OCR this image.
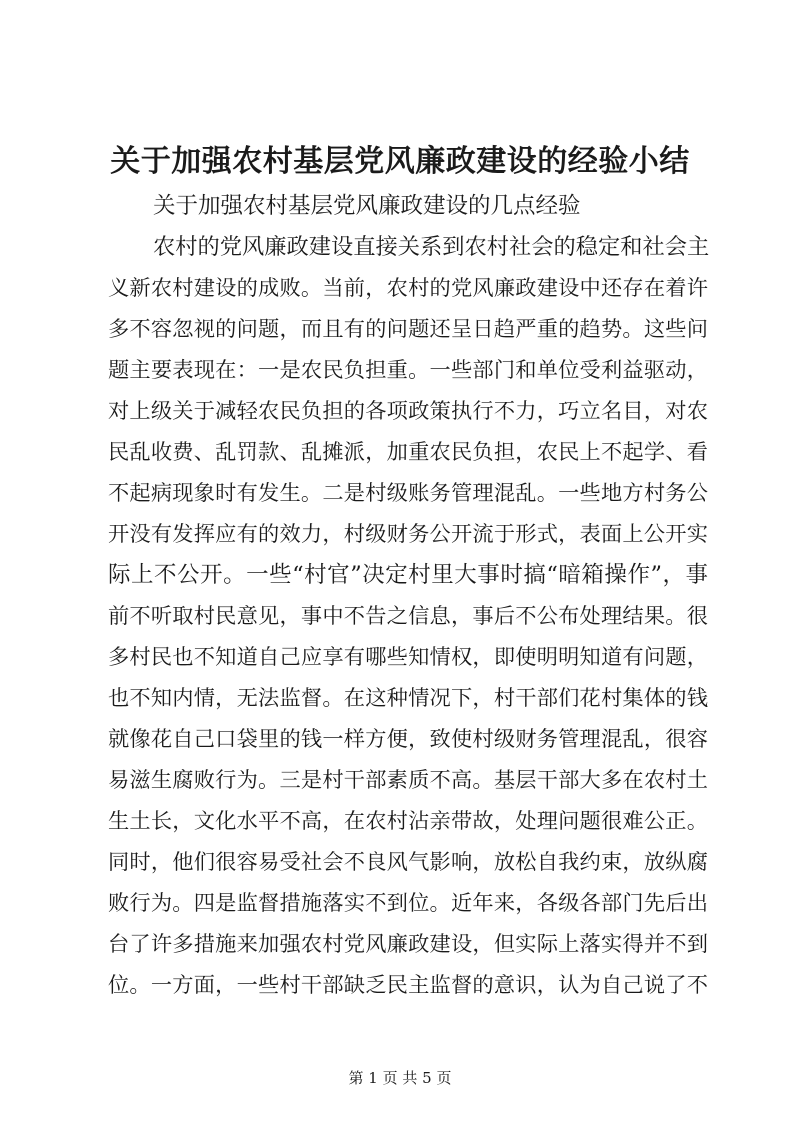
关于加强农村基层党风廉政建设的经验小结
关于加强农村基层党风廉政建设的几点经验
农村的党风廉政建设直接关系到农村社会的稳定和社会主
义新农村建设的成败。当前，农村的党风廉政建设中还存在着许
多不容忽视的问题，而且有的问题还呈日趋严重的趋势。这些问
题主要表现在：一是农民负担重。一些部门和单位受利益驱动，
对上级关于减轻农民负担的各项政策执行不力，巧立名目，对农
民乱收费、乱罚款、乱摊派，加重农民负担，农民上不起学、看
不起病现象时有发生。二是村级账务管理混乱。一些地方村务公
开没有发挥应有的效力，村级财务公开流于形式，表面上公开实
际上不公开。一些“村官”决定村里大事时搞“暗箱操作”，事
前不听取村民意见，事中不告之信息，事后不公布处理结果。很
多村民也不知道自己应享有哪些知情权，即使明明知道有问题，
也不知内情，无法监督。在这种情况下，村干部们花村集体的钱
就像花自己口袋里的钱一样方便，致使村级财务管理混乱，很容
易滋生腐败行为。三是村干部素质不高。基层干部大多在农村土
生土长，文化水平不高，在农村沾亲带故，处理问题很难公正。
同时，他们很容易受社会不良风气影响，放松自我约束，放纵腐
败行为。四是监督措施落实不到位。近年来，各级各部门先后出
台了许多措施来加强农村党风廉政建设，但实际上落实得并不到
位。一方面，一些村干部缺乏民主监督的意识，认为自己说了不
第 1 页 共 5 页
